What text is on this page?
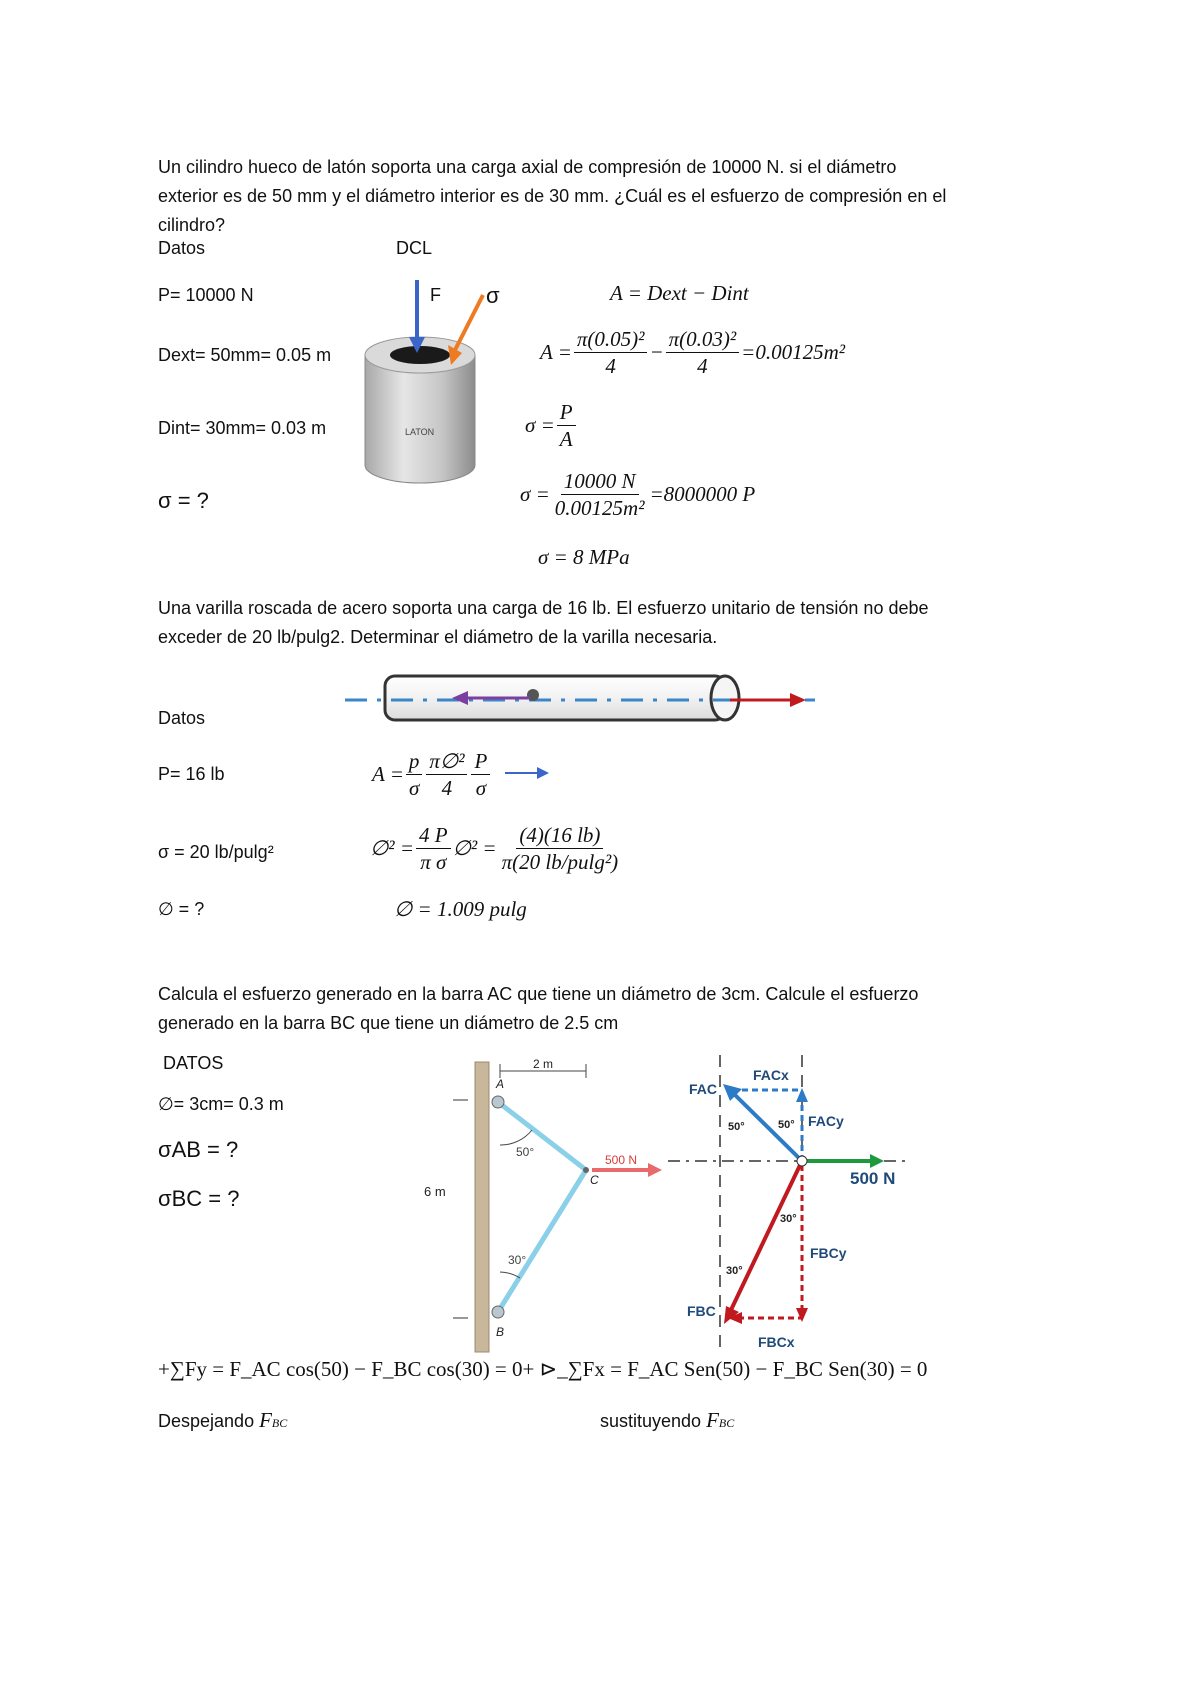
Un cilindro hueco de latón soporta una carga axial de compresión de 10000 N. si el diámetro exterior es de 50 mm y el diámetro interior es de 30 mm. ¿Cuál es el esfuerzo de compresión en el cilindro?
Datos	DCL
P= 10000 N
Dext= 50mm= 0.05 m
Dint= 30mm= 0.03 m
σ = ?
LATON
F σ	A = Dext − Dint
$A = \frac{\text{π(0.05)²}}{4} - \frac{\text{π(0.03)²}}{4} =0.00125m^2$
$\sigma = \frac{P}{A}$
$\sigma = \frac{10000 N}{\text{0.00125m²}} =8000000$ P
σ = 8 MPa
Una varilla roscada de acero soporta una carga de 16 lb. El esfuerzo unitario de tensión no debe exceder de 20 lb/pulg2. Determinar el diámetro de la varilla necesaria.
Datos
P= 16 lb
σ = 20 lb/pulg²
∅ = ?
$A = \frac{p}{\sigma} \frac{\text{π∅²}}{4} \frac{P}{\sigma}$
∅² = $\frac{4 P}{\text{π σ}}$ ∅² = $\frac{(4)(16 lb)}{\text{π(20 lb/pulg²)}}$
∅ = 1.009 pulg
Calcula el esfuerzo generado en la barra AC que tiene un diámetro de 3cm. Calcule el esfuerzo generado en la barra BC que tiene un diámetro de 2.5 cm
DATOS
∅= 3cm= 0.3 m
σAB = ?
σBC = ?	6 m
2 m
A
B
C
50°
30°
500 N
FAC
FACx
FACy
50°	50°
500 N
30°
FBCy
30°
FBC
FBCx
+∑Fy = F_AC cos(50) − F_BC cos(30) = 0+ ⊳_∑Fx = F_AC Sen(50) − F_BC Sen(30) = 0
Despejando FBC	sustituyendo FBC
